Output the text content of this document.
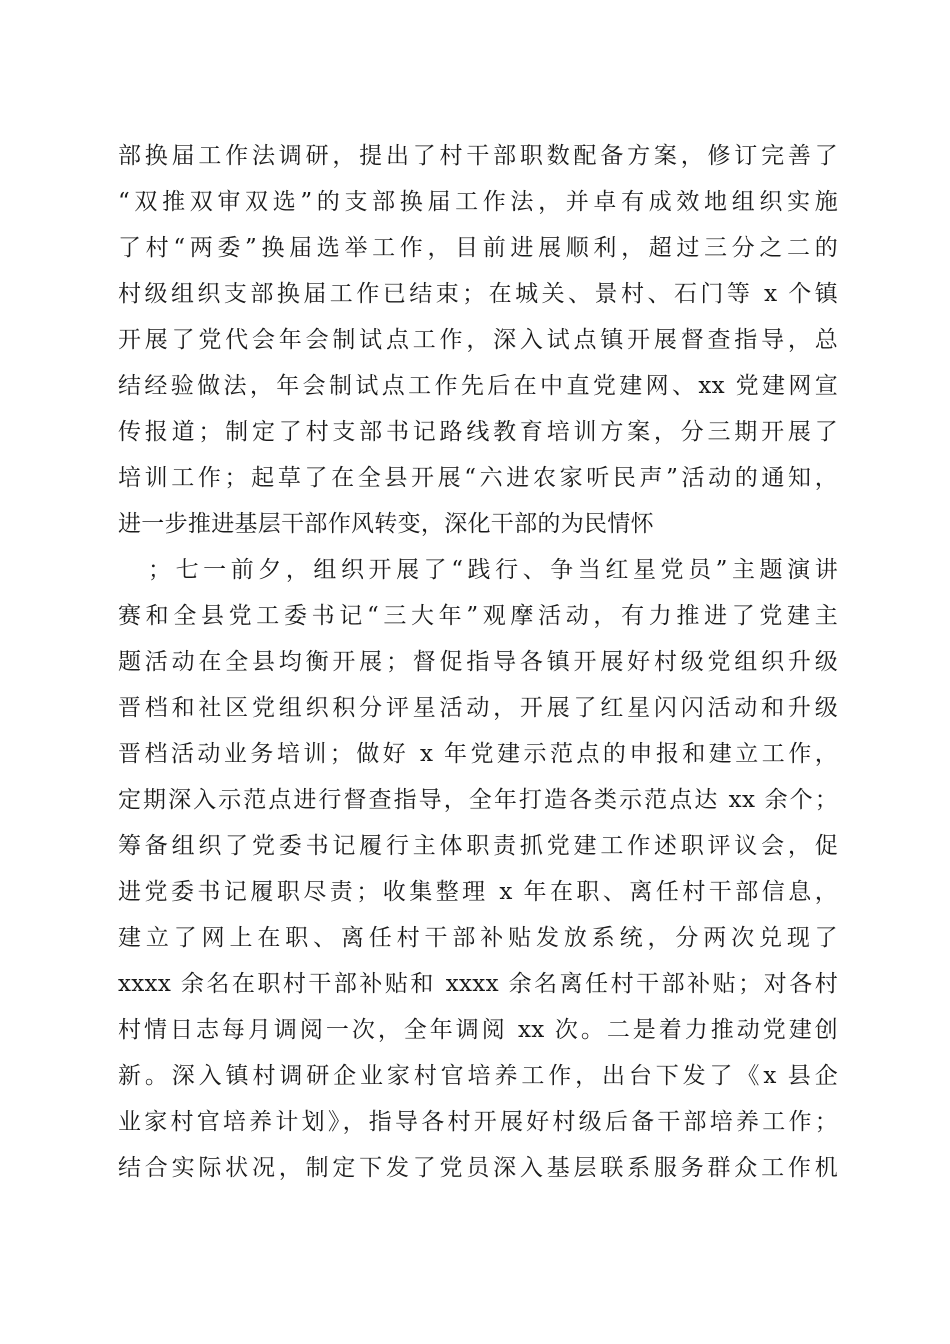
部换届工作法调研，提出了村干部职数配备方案，修订完善了
“双推双审双选”的支部换届工作法，并卓有成效地组织实施
了村“两委”换届选举工作，目前进展顺利，超过三分之二的
村级组织支部换届工作已结束；在城关、景村、石门等 x 个镇
开展了党代会年会制试点工作，深入试点镇开展督查指导，总
结经验做法，年会制试点工作先后在中直党建网、xx 党建网宣
传报道；制定了村支部书记路线教育培训方案，分三期开展了
培训工作；起草了在全县开展“六进农家听民声”活动的通知，
进一步推进基层干部作风转变，深化干部的为民情怀
；七一前夕，组织开展了“践行、争当红星党员”主题演讲
赛和全县党工委书记“三大年”观摩活动，有力推进了党建主
题活动在全县均衡开展；督促指导各镇开展好村级党组织升级
晋档和社区党组织积分评星活动，开展了红星闪闪活动和升级
晋档活动业务培训；做好 x 年党建示范点的申报和建立工作，
定期深入示范点进行督查指导，全年打造各类示范点达 xx 余个；
筹备组织了党委书记履行主体职责抓党建工作述职评议会，促
进党委书记履职尽责；收集整理 x 年在职、离任村干部信息，
建立了网上在职、离任村干部补贴发放系统，分两次兑现了
xxxx 余名在职村干部补贴和 xxxx 余名离任村干部补贴；对各村
村情日志每月调阅一次，全年调阅 xx 次。二是着力推动党建创
新。深入镇村调研企业家村官培养工作，出台下发了《x 县企
业家村官培养计划》，指导各村开展好村级后备干部培养工作；
结合实际状况，制定下发了党员深入基层联系服务群众工作机
